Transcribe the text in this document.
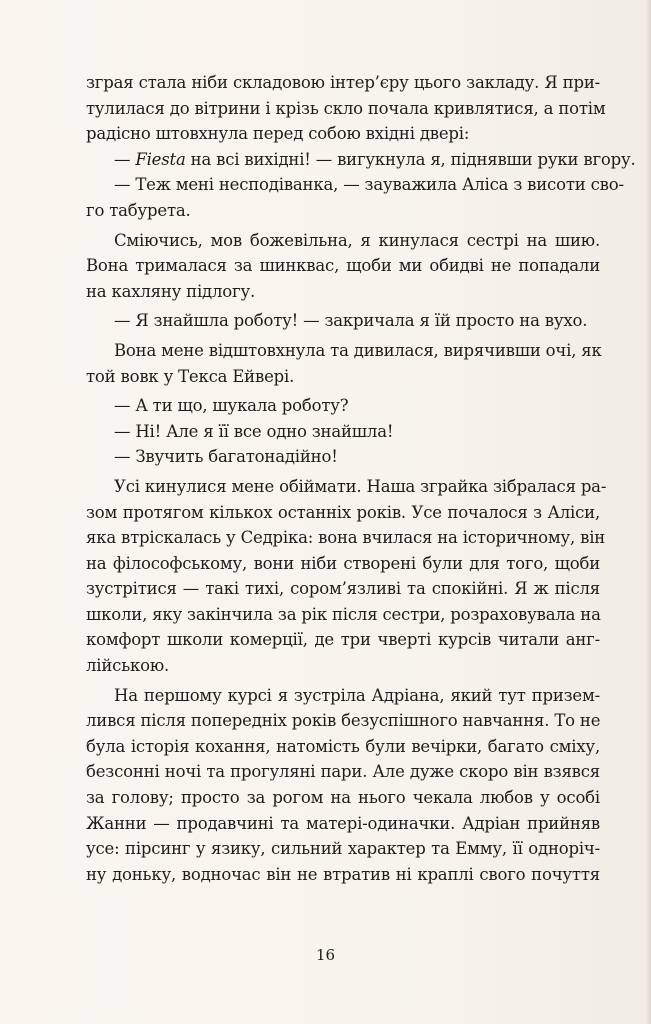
зграя стала ніби складовою інтер’єру цього закладу. Я при-
тулилася до вітрини і крізь скло почала кривлятися, а потім
радісно штовхнула перед собою вхідні двері:
— Fiesta на всі вихідні! — вигукнула я, піднявши руки вгору.
— Теж мені несподіванка, — зауважила Аліса з висоти сво-
го табурета.
Сміючись, мов божевільна, я кинулася сестрі на шию.
Вона трималася за шинквас, щоби ми обидві не попадали
на кахляну підлогу.
— Я знайшла роботу! — закричала я їй просто на вухо.
Вона мене відштовхнула та дивилася, вирячивши очі, як
той вовк у Текса Ейвері.
— А ти що, шукала роботу?
— Ні! Але я її все одно знайшла!
— Звучить багатонадійно!
Усі кинулися мене обіймати. Наша зграйка зібралася ра-
зом протягом кількох останніх років. Усе почалося з Аліси,
яка втріскалась у Седріка: вона вчилася на історичному, він
на філософському, вони ніби створені були для того, щоби
зустрітися — такі тихі, сором’язливі та спокійні. Я ж після
школи, яку закінчила за рік після сестри, розраховувала на
комфорт школи комерції, де три чверті курсів читали анг-
лійською.
На першому курсі я зустріла Адріана, який тут призем-
лився після попередніх років безуспішного навчання. То не
була історія кохання, натомість були вечірки, багато сміху,
безсонні ночі та прогуляні пари. Але дуже скоро він взявся
за голову; просто за рогом на нього чекала любов у особі
Жанни — продавчині та матері-одиначки. Адріан прийняв
усе: пірсинг у язику, сильний характер та Емму, її одноріч-
ну доньку, водночас він не втратив ні краплі свого почуття
16
